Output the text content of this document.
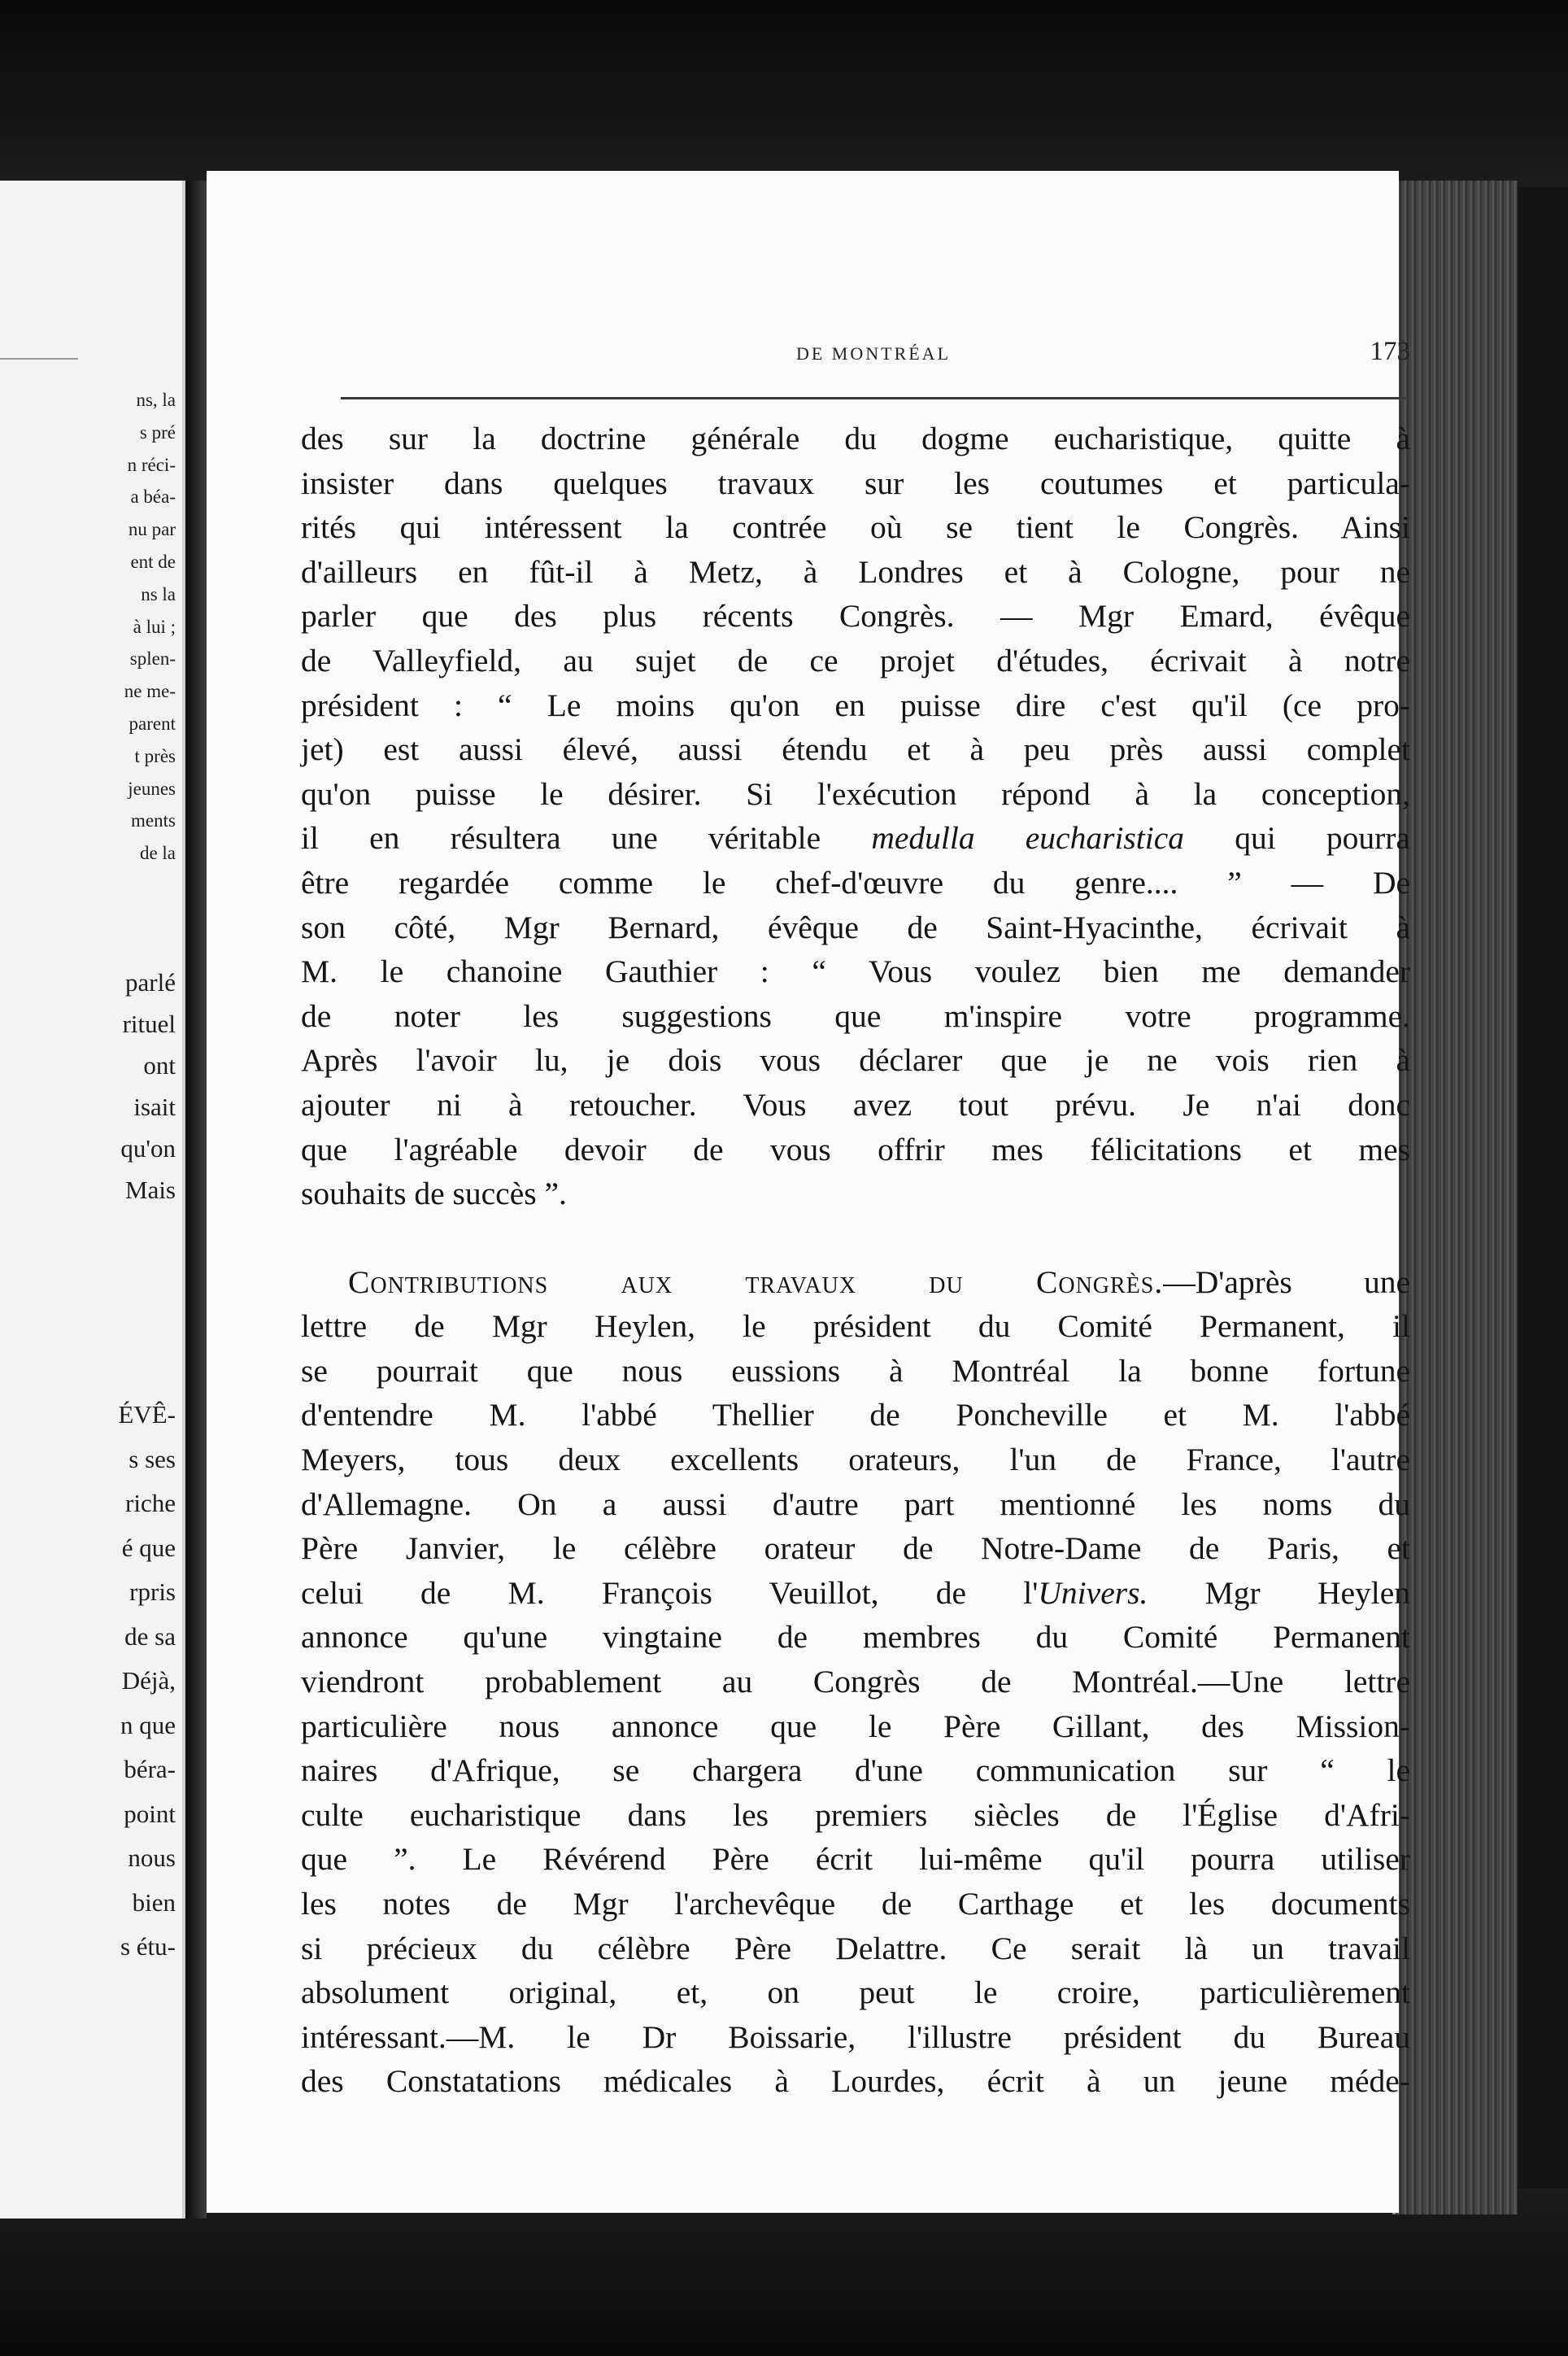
ns, la
s pré
n réci-
a béa-
nu par
ent de
ns la
à lui ;
splen-
ne me-
parent
t près
jeunes
ments
de la
parlé
rituel
ont
isait
qu'on
Mais
ÉVÊ-
s ses
riche
é que
rpris
de sa
Déjà,
n que
béra-
point
nous
bien
s étu-
DE MONTRÉAL	173
des sur la doctrine générale du dogme eucharistique, quitte à
insister dans quelques travaux sur les coutumes et particula-
rités qui intéressent la contrée où se tient le Congrès. Ainsi
d'ailleurs en fût-il à Metz, à Londres et à Cologne, pour ne
parler que des plus récents Congrès. — Mgr Emard, évêque
de Valleyfield, au sujet de ce projet d'études, écrivait à notre
président : “ Le moins qu'on en puisse dire c'est qu'il (ce pro-
jet) est aussi élevé, aussi étendu et à peu près aussi complet
qu'on puisse le désirer. Si l'exécution répond à la conception,
il en résultera une véritable medulla eucharistica qui pourra
être regardée comme le chef-d'œuvre du genre.... ” — De
son côté, Mgr Bernard, évêque de Saint-Hyacinthe, écrivait à
M. le chanoine Gauthier : “ Vous voulez bien me demander
de noter les suggestions que m'inspire votre programme.
Après l'avoir lu, je dois vous déclarer que je ne vois rien à
ajouter ni à retoucher. Vous avez tout prévu. Je n'ai donc
que l'agréable devoir de vous offrir mes félicitations et mes
souhaits de succès ”.
Contributions aux travaux du Congrès.—D'après une
lettre de Mgr Heylen, le président du Comité Permanent, il
se pourrait que nous eussions à Montréal la bonne fortune
d'entendre M. l'abbé Thellier de Poncheville et M. l'abbé
Meyers, tous deux excellents orateurs, l'un de France, l'autre
d'Allemagne. On a aussi d'autre part mentionné les noms du
Père Janvier, le célèbre orateur de Notre-Dame de Paris, et
celui de M. François Veuillot, de l'Univers. Mgr Heylen
annonce qu'une vingtaine de membres du Comité Permanent
viendront probablement au Congrès de Montréal.—Une lettre
particulière nous annonce que le Père Gillant, des Mission-
naires d'Afrique, se chargera d'une communication sur “ le
culte eucharistique dans les premiers siècles de l'Église d'Afri-
que ”. Le Révérend Père écrit lui-même qu'il pourra utiliser
les notes de Mgr l'archevêque de Carthage et les documents
si précieux du célèbre Père Delattre. Ce serait là un travail
absolument original, et, on peut le croire, particulièrement
intéressant.—M. le Dr Boissarie, l'illustre président du Bureau
des Constatations médicales à Lourdes, écrit à un jeune méde-
